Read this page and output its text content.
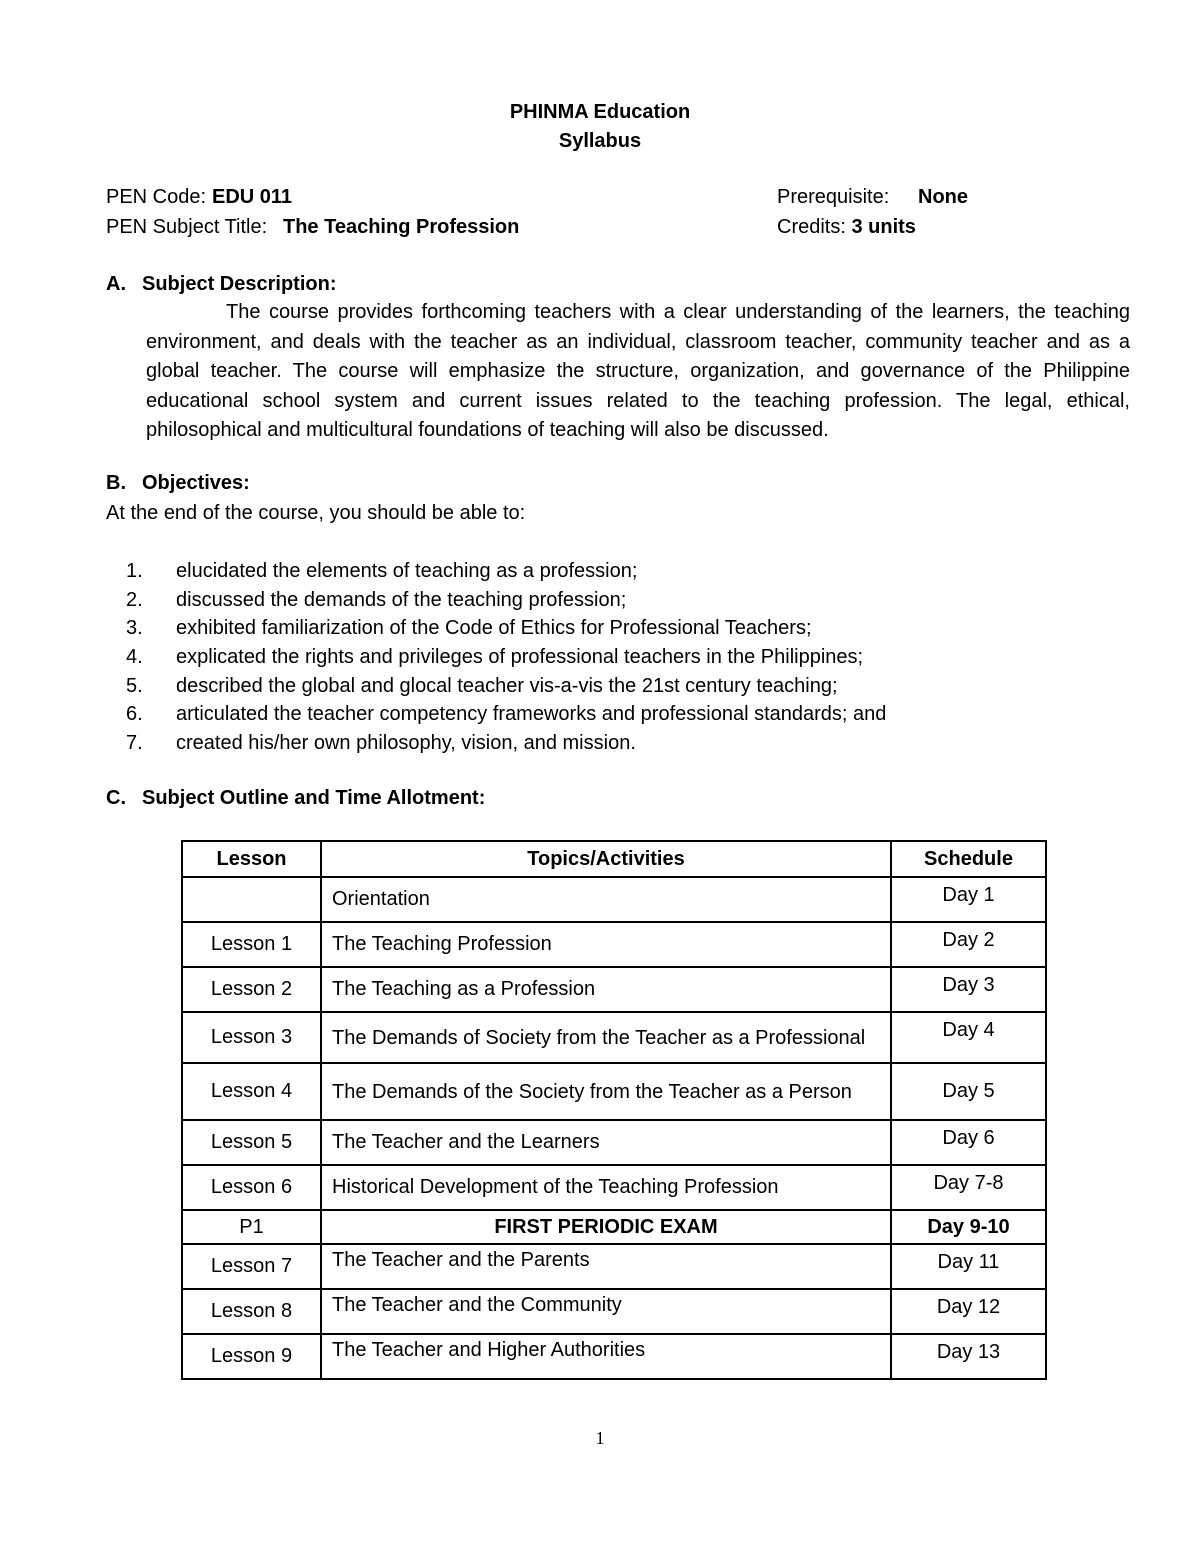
PHINMA Education
Syllabus
PEN Code: EDU 011
PEN Subject Title: The Teaching Profession
Prerequisite: None
Credits: 3 units
A. Subject Description:

The course provides forthcoming teachers with a clear understanding of the learners, the teaching environment, and deals with the teacher as an individual, classroom teacher, community teacher and as a global teacher. The course will emphasize the structure, organization, and governance of the Philippine educational school system and current issues related to the teaching profession. The legal, ethical, philosophical and multicultural foundations of teaching will also be discussed.

B. Objectives:

At the end of the course, you should be able to:

1. elucidated the elements of teaching as a profession;
2. discussed the demands of the teaching profession;
3. exhibited familiarization of the Code of Ethics for Professional Teachers;
4. explicated the rights and privileges of professional teachers in the Philippines;
5. described the global and glocal teacher vis-a-vis the 21st century teaching;
6. articulated the teacher competency frameworks and professional standards; and
7. created his/her own philosophy, vision, and mission.
C. Subject Outline and Time Allotment:
Lesson	Topics/Activities	Schedule
	Orientation	Day 1
Lesson 1	The Teaching Profession	Day 2
Lesson 2	The Teaching as a Profession	Day 3
Lesson 3	The Demands of Society from the Teacher as a Professional	Day 4
Lesson 4	The Demands of the Society from the Teacher as a Person	Day 5
Lesson 5	The Teacher and the Learners	Day 6
Lesson 6	Historical Development of the Teaching Profession	Day 7-8
P1	FIRST PERIODIC EXAM	Day 9-10
Lesson 7	The Teacher and the Parents	Day 11
Lesson 8	The Teacher and the Community	Day 12
Lesson 9	The Teacher and Higher Authorities	Day 13
1
